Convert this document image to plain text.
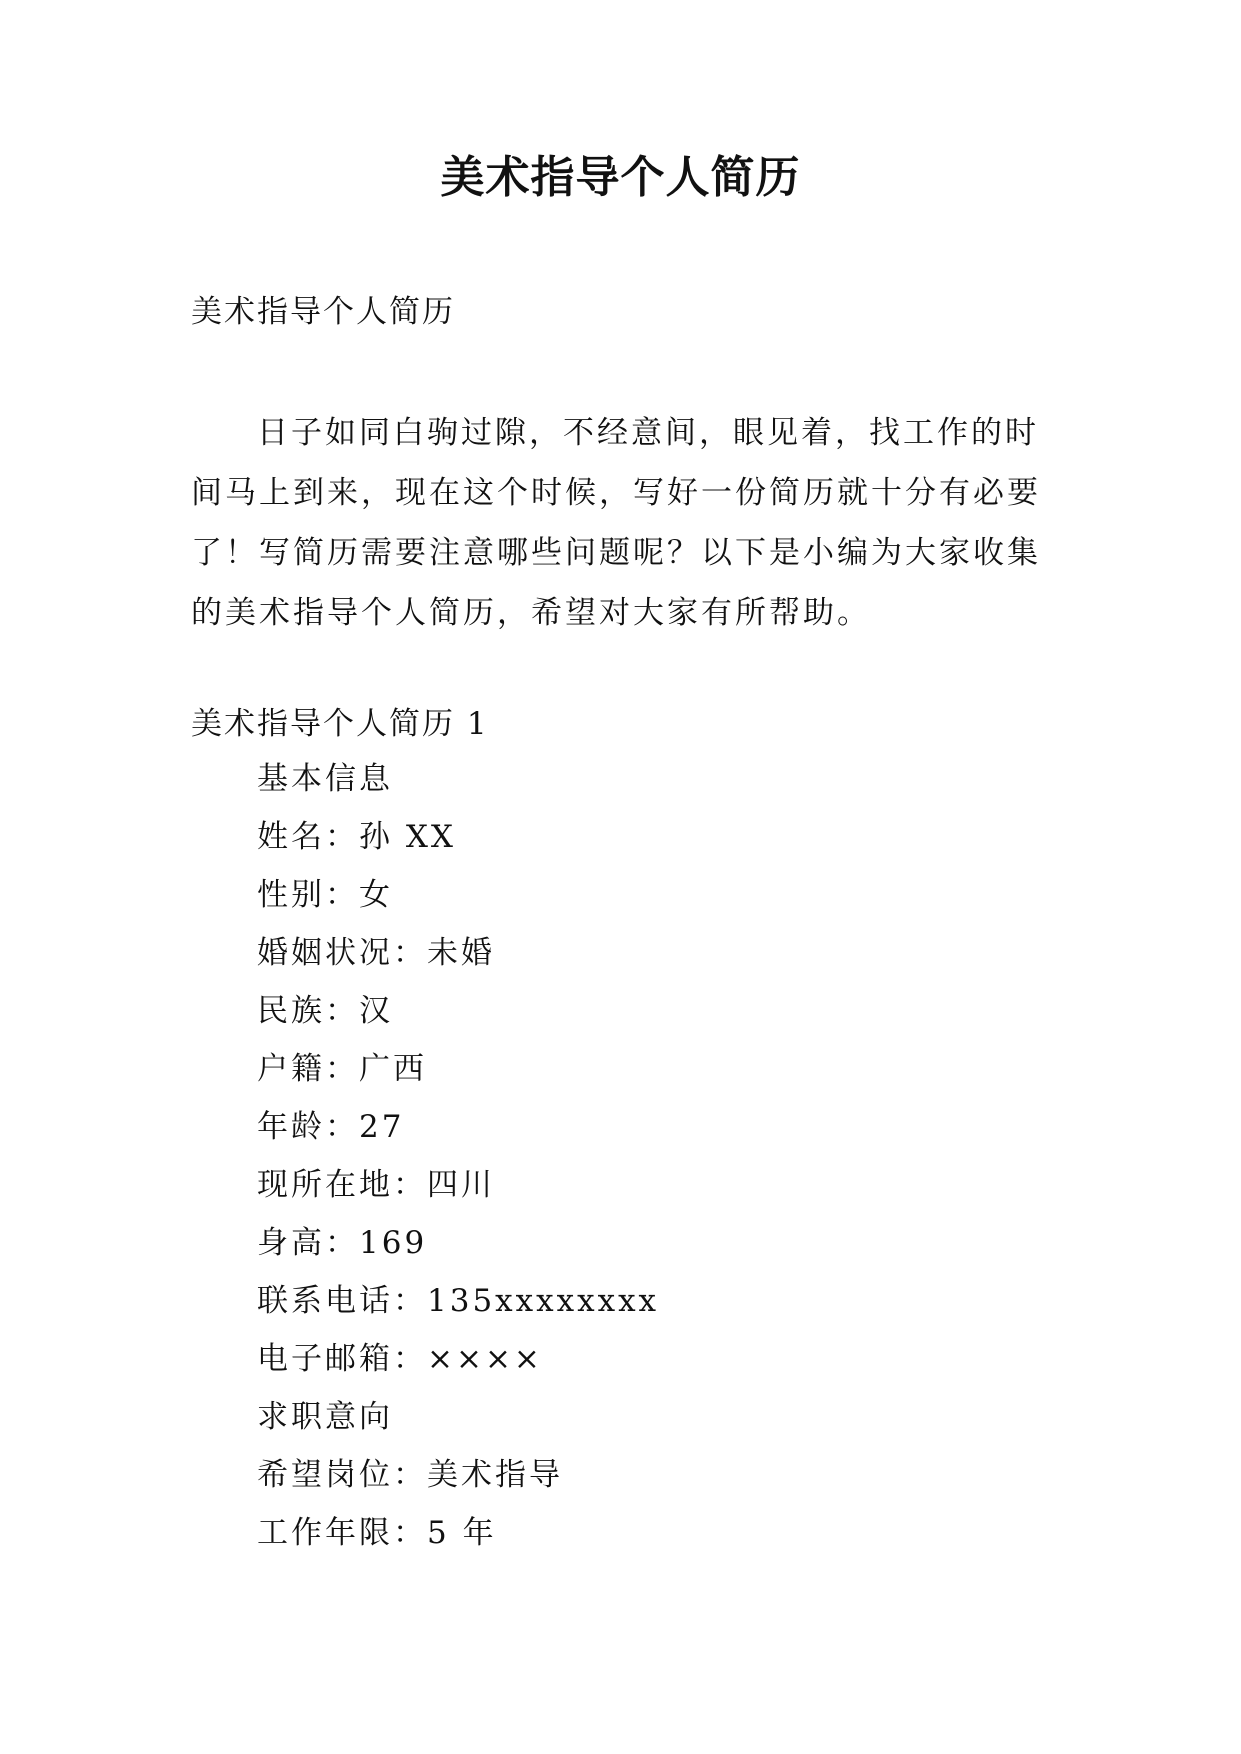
美术指导个人简历
美术指导个人简历

日子如同白驹过隙，不经意间，眼见着，找工作的时间马上到来，现在这个时候，写好一份简历就十分有必要了！写简历需要注意哪些问题呢？以下是小编为大家收集的美术指导个人简历，希望对大家有所帮助。

美术指导个人简历 1
基本信息
姓名：孙 XX
性别：女
婚姻状况：未婚
民族：汉
户籍：广西
年龄：27
现所在地：四川
身高：169
联系电话：135xxxxxxxx
电子邮箱：××××
求职意向
希望岗位：美术指导
工作年限：5 年
